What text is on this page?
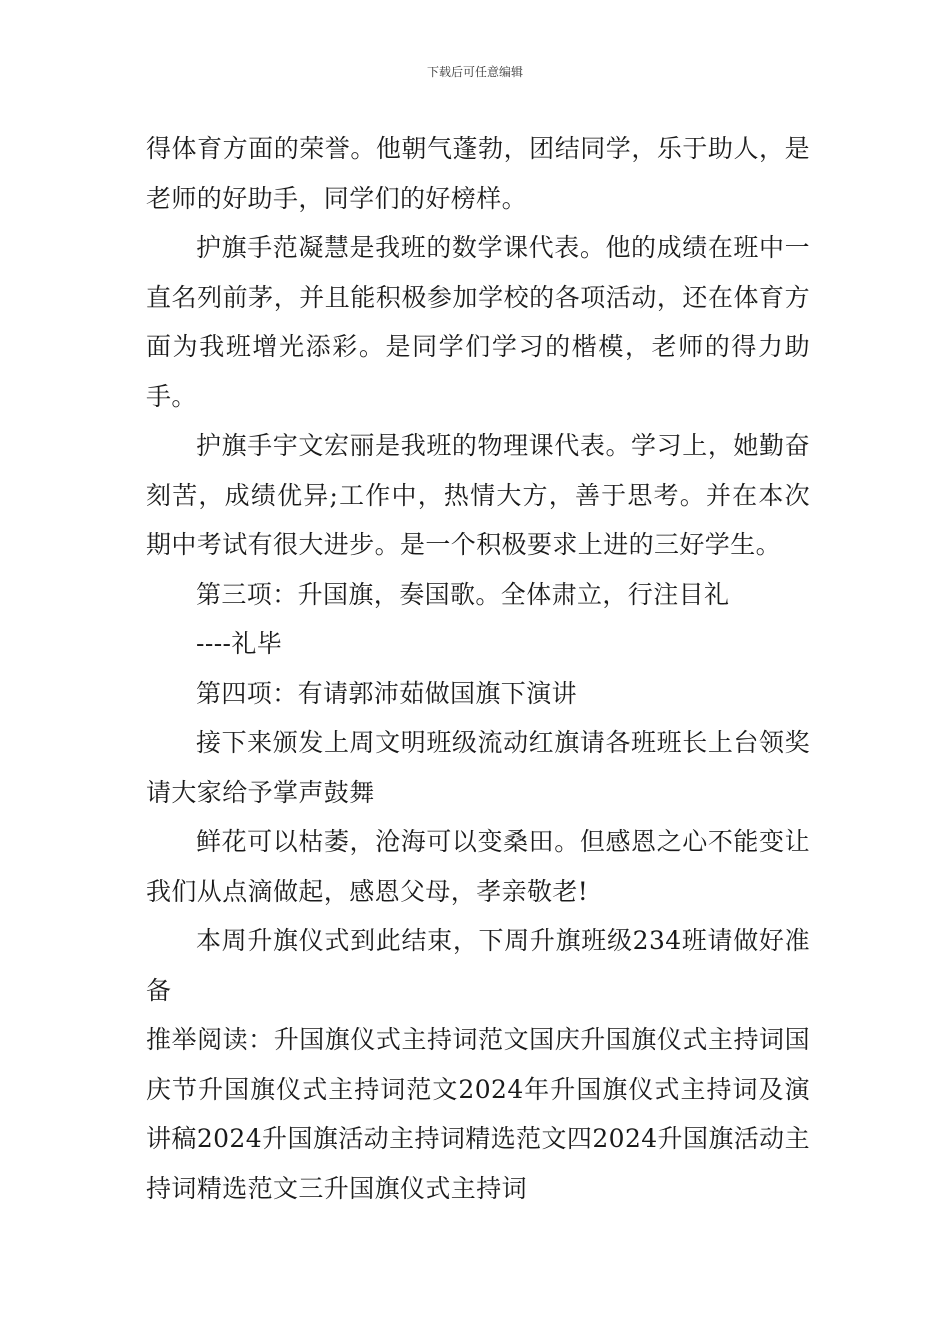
下载后可任意编辑

得体育方面的荣誉。他朝气蓬勃，团结同学，乐于助人，是老师的好助手，同学们的好榜样。

护旗手范凝慧是我班的数学课代表。他的成绩在班中一直名列前茅，并且能积极参加学校的各项活动，还在体育方面为我班增光添彩。是同学们学习的楷模，老师的得力助手。

护旗手宇文宏丽是我班的物理课代表。学习上，她勤奋刻苦，成绩优异;工作中，热情大方，善于思考。并在本次期中考试有很大进步。是一个积极要求上进的三好学生。

第三项：升国旗，奏国歌。全体肃立，行注目礼

----礼毕

第四项：有请郭沛茹做国旗下演讲

接下来颁发上周文明班级流动红旗请各班班长上台领奖请大家给予掌声鼓舞

鲜花可以枯萎，沧海可以变桑田。但感恩之心不能变让我们从点滴做起，感恩父母，孝亲敬老!

本周升旗仪式到此结束，下周升旗班级234班请做好准备

推举阅读：升国旗仪式主持词范文国庆升国旗仪式主持词国庆节升国旗仪式主持词范文2024年升国旗仪式主持词及演讲稿2024升国旗活动主持词精选范文四2024升国旗活动主持词精选范文三升国旗仪式主持词
